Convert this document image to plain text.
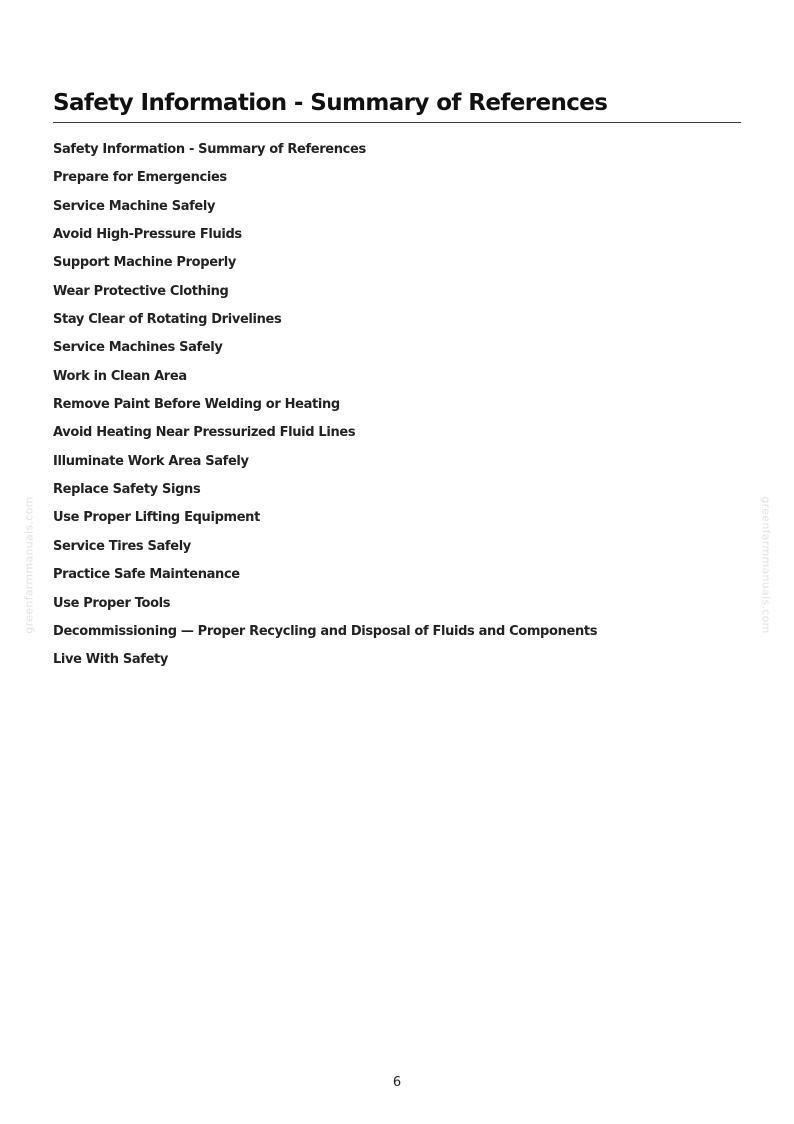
Safety Information - Summary of References
Safety Information - Summary of References
Prepare for Emergencies
Service Machine Safely
Avoid High-Pressure Fluids
Support Machine Properly
Wear Protective Clothing
Stay Clear of Rotating Drivelines
Service Machines Safely
Work in Clean Area
Remove Paint Before Welding or Heating
Avoid Heating Near Pressurized Fluid Lines
Illuminate Work Area Safely
Replace Safety Signs
Use Proper Lifting Equipment
Service Tires Safely
Practice Safe Maintenance
Use Proper Tools
Decommissioning — Proper Recycling and Disposal of Fluids and Components
Live With Safety
greenfarmmanuals.com	greenfarmmanuals.com
6
